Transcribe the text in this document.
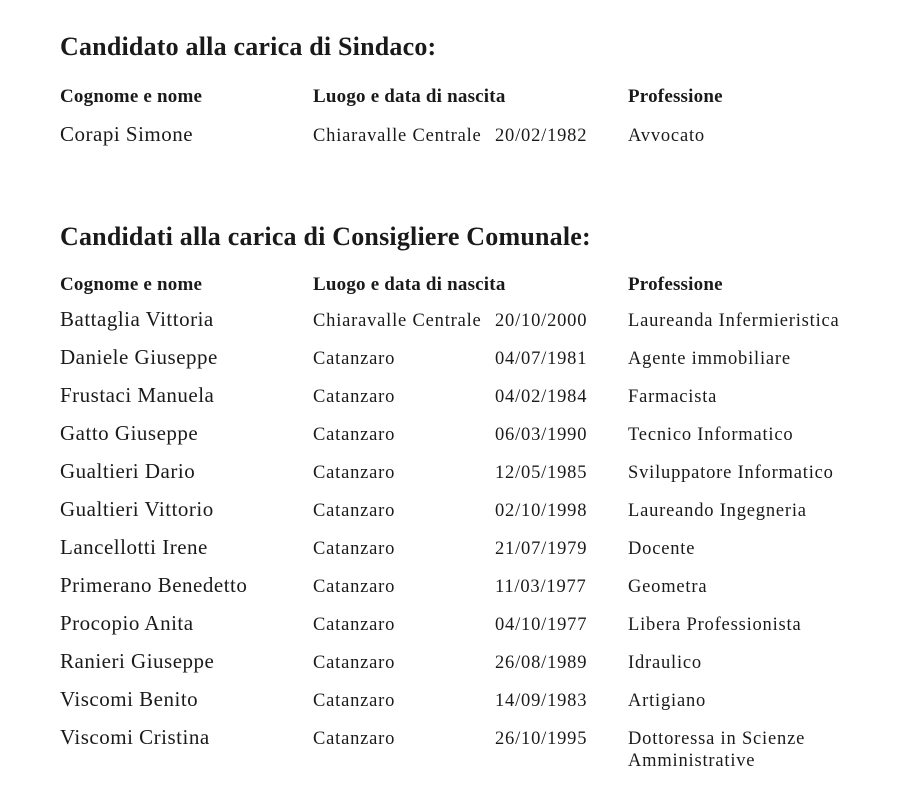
Candidato alla carica di Sindaco:
Cognome e nome	Luogo e data di nascita	Professione
Corapi Simone	Chiaravalle Centrale 20/02/1982	Avvocato
Candidati alla carica di Consigliere Comunale:
Cognome e nome	Luogo e data di nascita	Professione
Battaglia Vittoria	Chiaravalle Centrale 20/10/2000	Laureanda Infermieristica
Daniele Giuseppe	Catanzaro	04/07/1981	Agente immobiliare
Frustaci Manuela	Catanzaro	04/02/1984	Farmacista
Gatto Giuseppe	Catanzaro	06/03/1990	Tecnico Informatico
Gualtieri Dario	Catanzaro	12/05/1985	Sviluppatore Informatico
Gualtieri Vittorio	Catanzaro	02/10/1998	Laureando Ingegneria
Lancellotti Irene	Catanzaro	21/07/1979	Docente
Primerano Benedetto	Catanzaro	11/03/1977	Geometra
Procopio Anita	Catanzaro	04/10/1977	Libera Professionista
Ranieri Giuseppe	Catanzaro	26/08/1989	Idraulico
Viscomi Benito	Catanzaro	14/09/1983	Artigiano
Viscomi Cristina	Catanzaro	26/10/1995	Dottoressa in Scienze Amministrative
